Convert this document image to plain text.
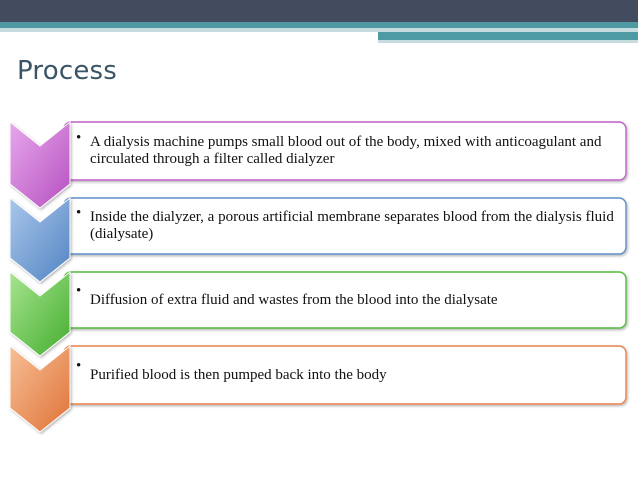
Process
• A dialysis machine pumps small blood out of the body, mixed with anticoagulant and circulated through a filter called dialyzer
• Inside the dialyzer, a porous artificial membrane separates blood from the dialysis fluid (dialysate)
•
Diffusion of extra fluid and wastes from the blood into the dialysate
•
Purified blood is then pumped back into the body
